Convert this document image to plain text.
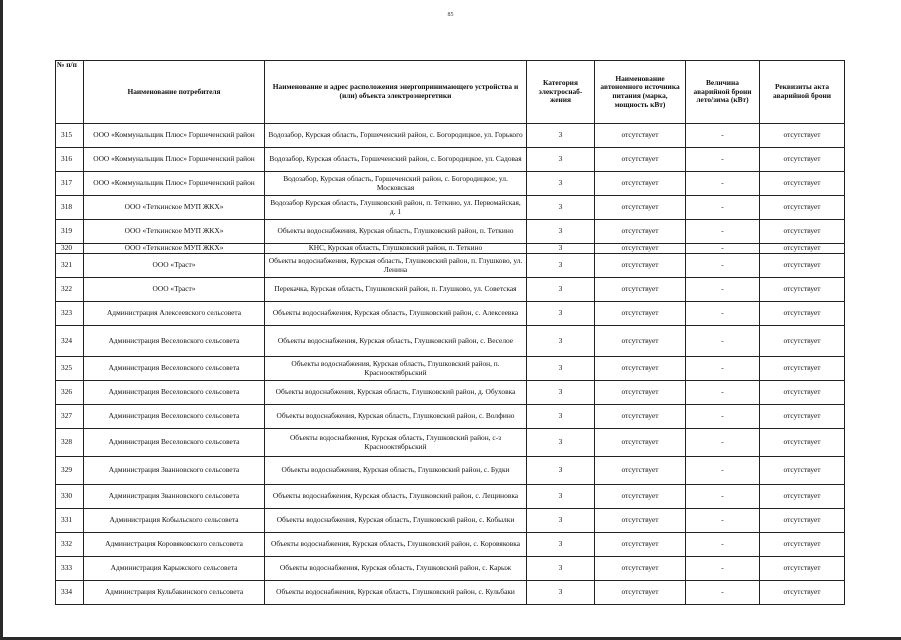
85
№ п/п	Наименование потребителя	Наименование и адрес расположения энергопринимающего устройства и (или) объекта электроэнергетики	Категория электроснаб-жения	Наименование автономного источника питания (марка, мощность кВт)	Величина аварийной брони лето/зима (кВт)	Реквизиты акта аварийной брони
315	ООО «Коммунальщик Плюс» Горшеченский район	Водозабор, Курская область, Горшеченский район, с. Богородицкое, ул. Горького	3	отсутствует	-	отсутствует
316	ООО «Коммунальщик Плюс» Горшеченский район	Водозабор, Курская область, Горшеченский район, с. Богородицкое, ул. Садовая	3	отсутствует	-	отсутствует
317	ООО «Коммунальщик Плюс» Горшеченский район	Водозабор, Курская область, Горшеченский район, с. Богородицкое, ул. Московская	3	отсутствует	-	отсутствует
318	ООО «Теткинское МУП ЖКХ»	Водозабор Курская область, Глушковский район, п. Теткино, ул. Первомайская, д. 1	3	отсутствует	-	отсутствует
319	ООО «Теткинское МУП ЖКХ»	Объекты водоснабжения, Курская область, Глушковский район, п. Теткино	3	отсутствует	-	отсутствует
320	ООО «Теткинское МУП ЖКХ»	КНС, Курская область, Глушковский район, п. Теткино	3	отсутствует	-	отсутствует
321	ООО «Траст»	Объекты водоснабжения, Курская область, Глушковский район, п. Глушково, ул. Ленина	3	отсутствует	-	отсутствует
322	ООО «Траст»	Перекачка, Курская область, Глушковский район, п. Глушково, ул. Советская	3	отсутствует	-	отсутствует
323	Администрация Алексеевского сельсовета	Объекты водоснабжения, Курская область, Глушковский район, с. Алексеевка	3	отсутствует	-	отсутствует
324	Администрация Веселовского сельсовета	Объекты водоснабжения, Курская область, Глушковский район, с. Веселое	3	отсутствует	-	отсутствует
325	Администрация Веселовского сельсовета	Объекты водоснабжения, Курская область, Глушковский район, п. Краснооктябрьский	3	отсутствует	-	отсутствует
326	Администрация Веселовского сельсовета	Объекты водоснабжения, Курская область, Глушковский район, д. Обуховка	3	отсутствует	-	отсутствует
327	Администрация Веселовского сельсовета	Объекты водоснабжения, Курская область, Глушковский район, с. Волфино	3	отсутствует	-	отсутствует
328	Администрация Веселовского сельсовета	Объекты водоснабжения, Курская область, Глушковский район, с-з Краснооктябрьский	3	отсутствует	-	отсутствует
329	Администрация Званновского сельсовета	Объекты водоснабжения, Курская область, Глушковский район, с. Будки	3	отсутствует	-	отсутствует
330	Администрация Званновского сельсовета	Объекты водоснабжения, Курская область, Глушковский район, с. Лещиновка	3	отсутствует	-	отсутствует
331	Администрация Кобыльского сельсовета	Объекты водоснабжения, Курская область, Глушковский район, с. Кобылки	3	отсутствует	-	отсутствует
332	Администрация Коровяковского сельсовета	Объекты водоснабжения, Курская область, Глушковский район, с. Коровяковка	3	отсутствует	-	отсутствует
333	Администрация Карыжского сельсовета	Объекты водоснабжения, Курская область, Глушковский район, с. Карыж	3	отсутствует	-	отсутствует
334	Администрация Кульбакинского сельсовета	Объекты водоснабжения, Курская область, Глушковский район, с. Кульбаки	3	отсутствует	-	отсутствует
